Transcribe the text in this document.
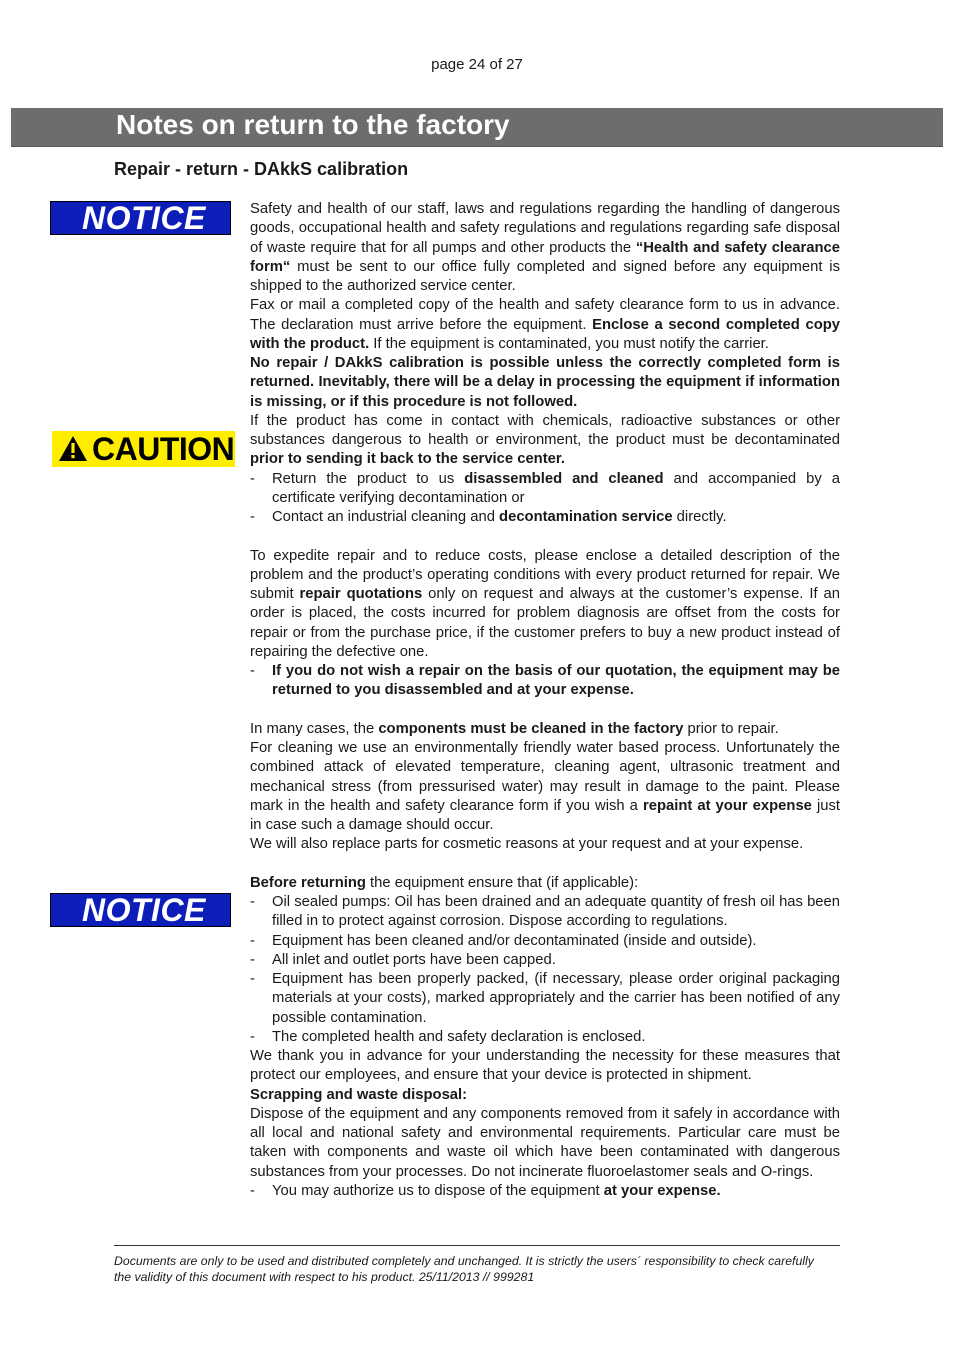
page 24 of 27
Notes on return to the factory
Repair - return - DAkkS calibration
NOTICE
CAUTION
NOTICE

Safety and health of our staff, laws and regulations regarding the handling of dangerous goods, occupational health and safety regulations and regulations regarding safe disposal of waste require that for all pumps and other products the “Health and safety clearance form“ must be sent to our office fully completed and signed before any equipment is shipped to the authorized service center.

Fax or mail a completed copy of the health and safety clearance form to us in advance. The declaration must arrive before the equipment. Enclose a second completed copy with the product. If the equipment is contaminated, you must notify the carrier.

No repair / DAkkS calibration is possible unless the correctly completed form is returned. Inevitably, there will be a delay in processing the equipment if information is missing, or if this procedure is not followed.

If the product has come in contact with chemicals, radioactive substances or other substances dangerous to health or environment, the product must be decontaminated prior to sending it back to the service center.

- Return the product to us disassembled and cleaned and accompanied by a certificate verifying decontamination or
- Contact an industrial cleaning and decontamination service directly.

To expedite repair and to reduce costs, please enclose a detailed description of the problem and the product’s operating conditions with every product returned for repair. We submit repair quotations only on request and always at the customer’s expense. If an order is placed, the costs incurred for problem diagnosis are offset from the costs for repair or from the purchase price, if the customer prefers to buy a new product instead of repairing the defective one.

- If you do not wish a repair on the basis of our quotation, the equipment may be returned to you disassembled and at your expense.

In many cases, the components must be cleaned in the factory prior to repair.

For cleaning we use an environmentally friendly water based process. Unfortunately the combined attack of elevated temperature, cleaning agent, ultrasonic treatment and mechanical stress (from pressurised water) may result in damage to the paint. Please mark in the health and safety clearance form if you wish a repaint at your expense just in case such a damage should occur.

We will also replace parts for cosmetic reasons at your request and at your expense.

Before returning the equipment ensure that (if applicable):

- Oil sealed pumps: Oil has been drained and an adequate quantity of fresh oil has been filled in to protect against corrosion. Dispose according to regulations.
- Equipment has been cleaned and/or decontaminated (inside and outside).
- All inlet and outlet ports have been capped.
- Equipment has been properly packed, (if necessary, please order original packaging materials at your costs), marked appropriately and the carrier has been notified of any possible contamination.
- The completed health and safety declaration is enclosed.

We thank you in advance for your understanding the necessity for these measures that protect our employees, and ensure that your device is protected in shipment.

Scrapping and waste disposal:

Dispose of the equipment and any components removed from it safely in accordance with all local and national safety and environmental requirements. Particular care must be taken with components and waste oil which have been contaminated with dangerous substances from your processes. Do not incinerate fluoroelastomer seals and O-rings.

- You may authorize us to dispose of the equipment at your expense.
Documents are only to be used and distributed completely and unchanged. It is strictly the users´ responsibility to check carefully
the validity of this document with respect to his product. 25/11/2013 // 999281
